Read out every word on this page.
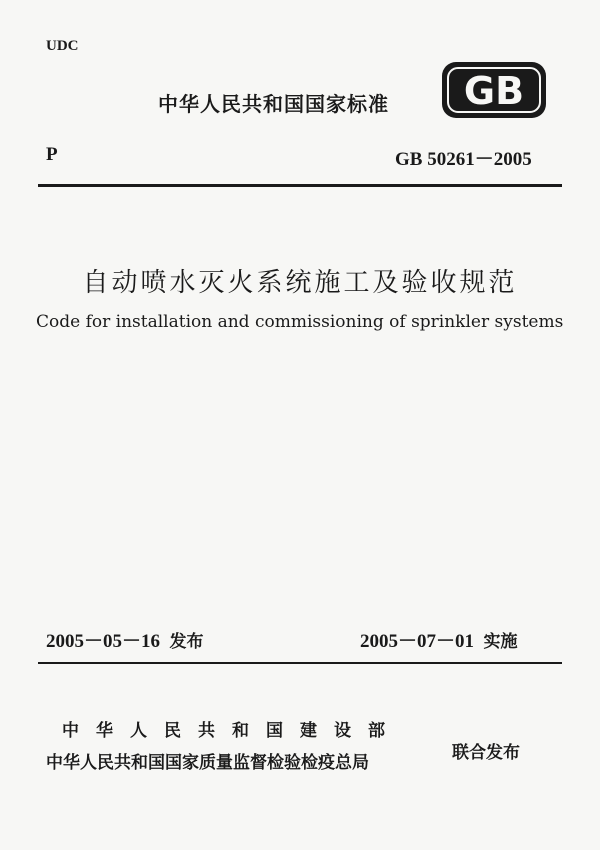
UDC
中华人民共和国国家标准 GB
P	GB 50261－2005
自动喷水灭火系统施工及验收规范
Code for installation and commissioning of sprinkler systems
2005－05－16 发布	2005－07－01 实施
中华人民共和国建设部
中华人民共和国国家质量监督检验检疫总局	联合发布
